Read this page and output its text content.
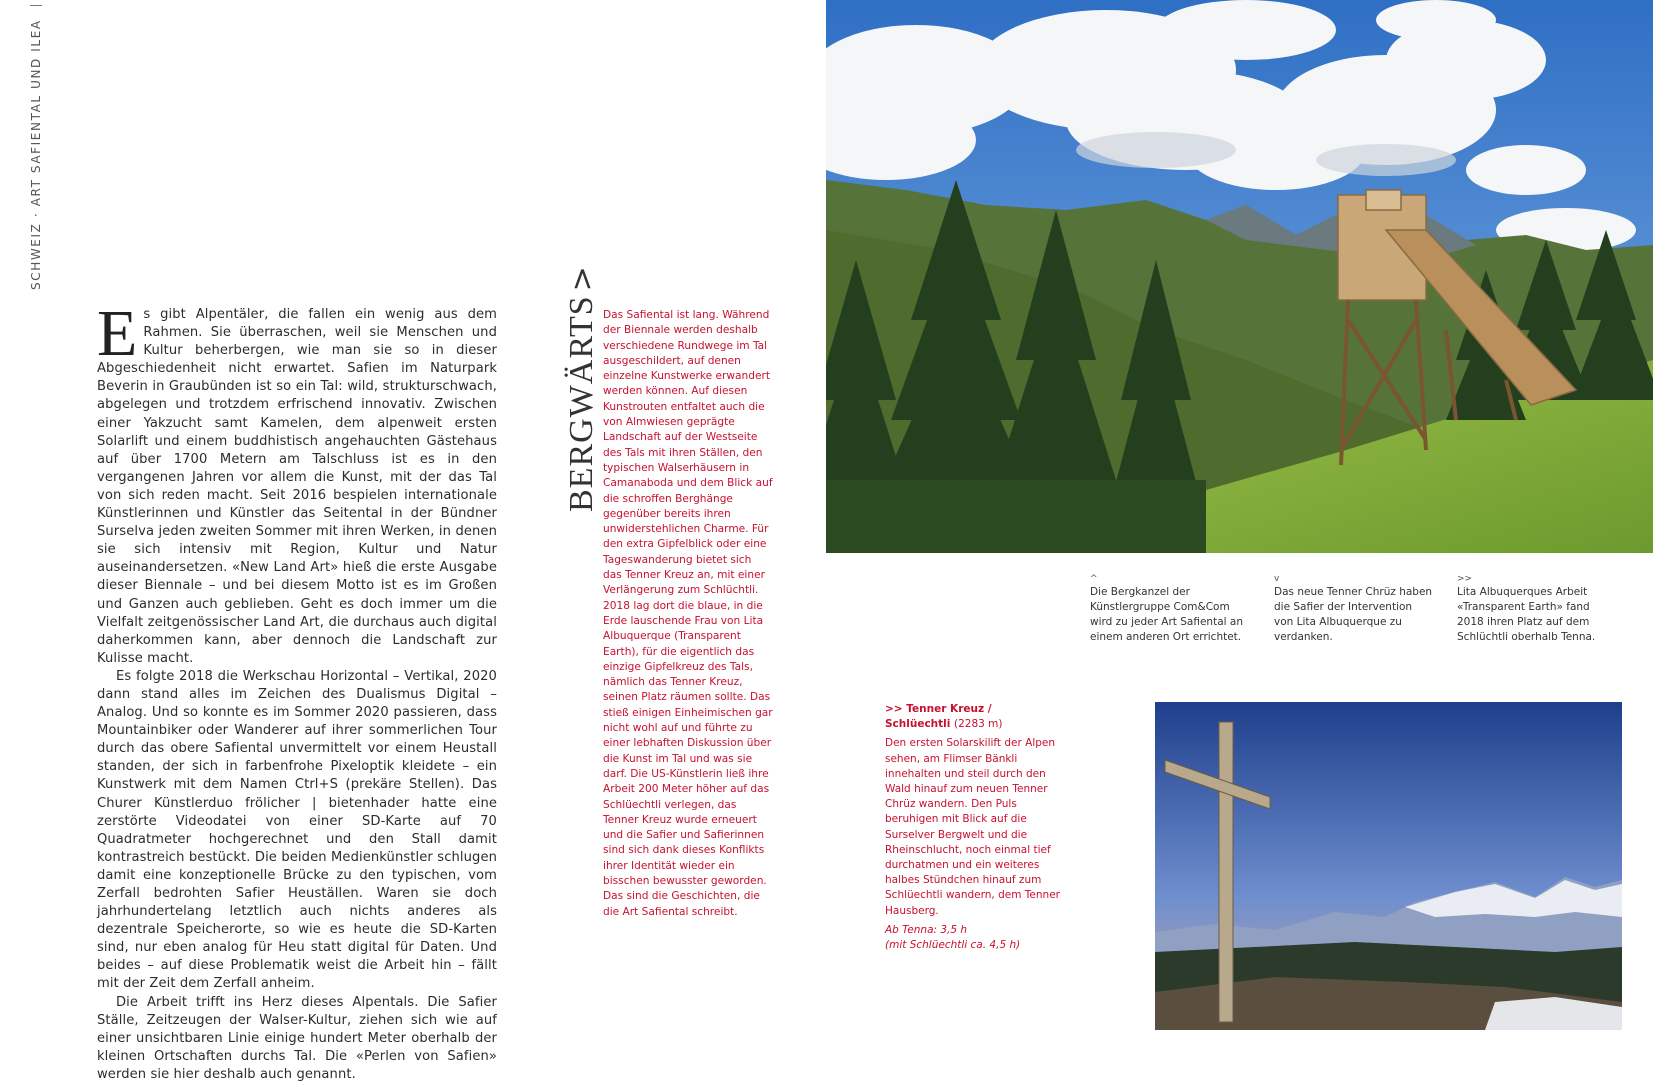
SCHWEIZ · ART SAFIENTAL UND ILEA

Es gibt Alpentäler, die fallen ein wenig aus dem Rahmen. Sie überraschen, weil sie Menschen und Kultur beherbergen, wie man sie so in dieser Abgeschiedenheit nicht erwartet. Safien im Naturpark Beverin in Graubünden ist so ein Tal: wild, strukturschwach, abgelegen und trotzdem erfrischend innovativ. Zwischen einer Yakzucht samt Kamelen, dem alpenweit ersten Solarlift und einem buddhistisch angehauchten Gästehaus auf über 1700 Metern am Talschluss ist es in den vergangenen Jahren vor allem die Kunst, mit der das Tal von sich reden macht. Seit 2016 bespielen internationale Künstlerinnen und Künstler das Seitental in der Bündner Surselva jeden zweiten Sommer mit ihren Werken, in denen sie sich intensiv mit Region, Kultur und Natur auseinandersetzen. «New Land Art» hieß die erste Ausgabe dieser Biennale – und bei diesem Motto ist es im Großen und Ganzen auch geblieben. Geht es doch immer um die Vielfalt zeitgenössischer Land Art, die durchaus auch digital daherkommen kann, aber dennoch die Landschaft zur Kulisse macht.

Es folgte 2018 die Werkschau Horizontal – Vertikal, 2020 dann stand alles im Zeichen des Dualismus Digital – Analog. Und so konnte es im Sommer 2020 passieren, dass Mountainbiker oder Wanderer auf ihrer sommerlichen Tour durch das obere Safiental unvermittelt vor einem Heustall standen, der sich in farbenfrohe Pixeloptik kleidete – ein Kunstwerk mit dem Namen Ctrl+S (prekäre Stellen). Das Churer Künstlerduo frölicher | bietenhader hatte eine zerstörte Videodatei von einer SD-Karte auf 70 Quadratmeter hochgerechnet und den Stall damit kontrastreich bestückt. Die beiden Medienkünstler schlugen damit eine konzeptionelle Brücke zu den typischen, vom Zerfall bedrohten Safier Heuställen. Waren sie doch jahrhundertelang letztlich auch nichts anderes als dezentrale Speicherorte, so wie es heute die SD-Karten sind, nur eben analog für Heu statt digital für Daten. Und beides – auf diese Problematik weist die Arbeit hin – fällt mit der Zeit dem Zerfall anheim.

Die Arbeit trifft ins Herz dieses Alpentals. Die Safier Ställe, Zeitzeugen der Walser-Kultur, ziehen sich wie auf einer unsichtbaren Linie einige hundert Meter oberhalb der kleinen Ortschaften durchs Tal. Die «Perlen von Safien» werden sie hier deshalb auch genannt.

BERGWÄRTS>
Das Safiental ist lang. Während der Biennale werden deshalb verschiedene Rundwege im Tal ausgeschildert, auf denen einzelne Kunstwerke erwandert werden können. Auf diesen Kunstrouten entfaltet auch die von Almwiesen geprägte Landschaft auf der Westseite des Tals mit ihren Ställen, den typischen Walserhäusern in Camanaboda und dem Blick auf die schroffen Berghänge gegenüber bereits ihren unwiderstehlichen Charme. Für den extra Gipfelblick oder eine Tageswanderung bietet sich das Tenner Kreuz an, mit einer Verlängerung zum Schlüchtli. 2018 lag dort die blaue, in die Erde lauschende Frau von Lita Albuquerque (Transparent Earth), für die eigentlich das einzige Gipfelkreuz des Tals, nämlich das Tenner Kreuz, seinen Platz räumen sollte. Das stieß einigen Einheimischen gar nicht wohl auf und führte zu einer lebhaften Diskussion über die Kunst im Tal und was sie darf. Die US-Künstlerin ließ ihre Arbeit 200 Meter höher auf das Schlüechtli verlegen, das Tenner Kreuz wurde erneuert und die Safier und Safierinnen sind sich dank dieses Konflikts ihrer Identität wieder ein bisschen bewusster geworden. Das sind die Geschichten, die die Art Safiental schreibt.
^
Die Bergkanzel der Künstlergruppe Com&Com wird zu jeder Art Safiental an einem anderen Ort errichtet.
v
Das neue Tenner Chrüz haben die Safier der Intervention von Lita Albuquerque zu verdanken.
>>
Lita Albuquerques Arbeit «Transparent Earth» fand 2018 ihren Platz auf dem Schlüchtli oberhalb Tenna.
>> Tenner Kreuz / Schlüechtli (2283 m)
Den ersten Solarskilift der Alpen sehen, am Flimser Bänkli innehalten und steil durch den Wald hinauf zum neuen Tenner Chrüz wandern. Den Puls beruhigen mit Blick auf die Surselver Bergwelt und die Rheinschlucht, noch einmal tief durchatmen und ein weiteres halbes Stündchen hinauf zum Schlüechtli wandern, dem Tenner Hausberg.
Ab Tenna: 3,5 h
(mit Schlüechtli ca. 4,5 h)
